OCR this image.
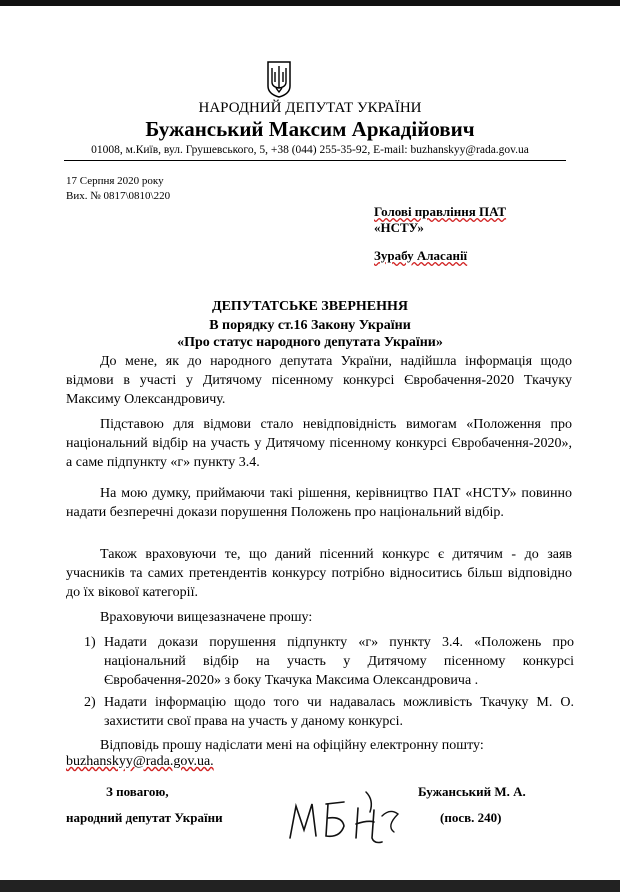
НАРОДНИЙ ДЕПУТАТ УКРАЇНИ
Бужанський Максим Аркадійович
01008, м.Київ, вул. Грушевського, 5, +38 (044) 255-35-92, E-mail: buzhanskyy@rada.gov.ua
17 Серпня 2020 року
Вих. № 0817\0810\220
Голові правління ПАТ
«НСТУ»
Зурабу Аласанії
ДЕПУТАТСЬКЕ ЗВЕРНЕННЯ
В порядку ст.16 Закону України
«Про статус народного депутата України»

До мене, як до народного депутата України, надійшла інформація щодо відмови в участі у Дитячому пісенному конкурсі Євробачення-2020 Ткачуку Максиму Олександровичу.

Підставою для відмови стало невідповідність вимогам «Положення про національний відбір на участь у Дитячому пісенному конкурсі Євробачення-2020», а саме підпункту «г» пункту 3.4.

На мою думку, приймаючи такі рішення, керівництво ПАТ «НСТУ» повинно надати безперечні докази порушення Положень про національний відбір.

Також враховуючи те, що даний пісенний конкурс є дитячим - до заяв учасників та самих претендентів конкурсу потрібно відноситись більш відповідно до їх вікової категорії.

Враховуючи вищезазначене прошу:

1) Надати докази порушення підпункту «г» пункту 3.4. «Положень про національний відбір на участь у Дитячому пісенному конкурсі Євробачення-2020» з боку Ткачука Максима Олександровича .

2) Надати інформацію щодо того чи надавалась можливість Ткачуку М. О. захистити свої права на участь у даному конкурсі.

Відповідь прошу надіслати мені на офіційну електронну пошту:

buzhanskyy@rada.gov.ua.
З повагою,	Бужанський М. А.
народний депутат України	(посв. 240)
